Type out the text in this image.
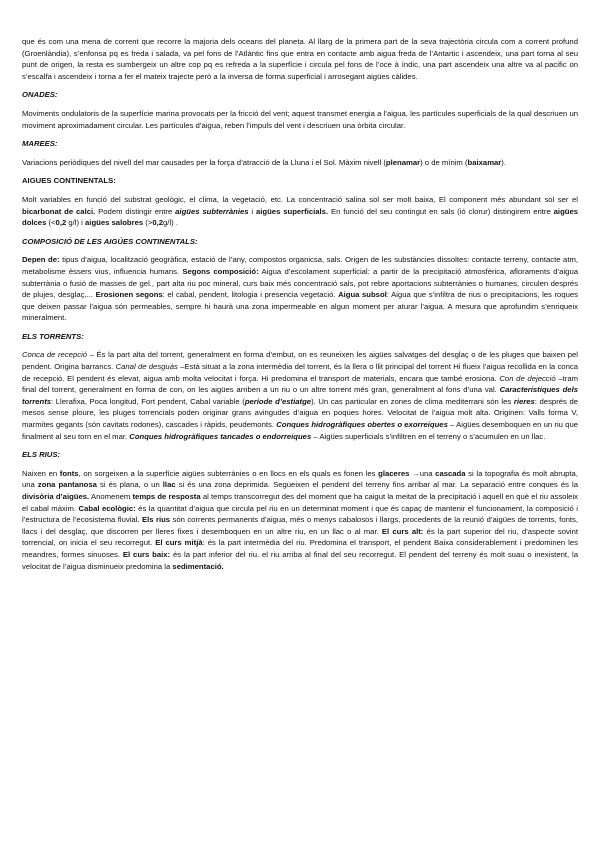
que és com una mena de corrent que recorre la majoria dels oceans del planeta. Al llarg de la primera part de la seva trajectòria circula com a corrent profund (Groenlàndia), s’enfonsa pq es freda i salada, va pel fons de l’Atlàntic fins que entra en contacte amb aigua freda de l’Antartic i ascendeix, una part torna al seu punt de origen, la resta es sumbergeix un altre cop pq es refreda a la superfície i circula pel fons de l’oce à índic, una part ascendeix una altre va al pacific on s’escalfa i ascendeix i torna a fer el mateix trajecte però a la inversa de forma superficial i arrosegant aigües càlides.

ONADES:

Moviments ondulatoris de la superfície marina provocats per la fricció del vent; aquest transmet energia a l’aigua, les partícules superficials de la qual descriuen un moviment aproximadament circular. Les partícules d’aigua, reben l’impuls del vent i descriuen una òrbita circular.

MAREES:

Variacions periòdiques del nivell del mar causades per la força d’atracció de la Lluna i el Sol. Màxim nivell (plenamar) o de mínim (baixamar).

AIGUES CONTINENTALS:

Molt variables en funció del substrat geològic, el clima, la vegetació, etc. La concentració salina sol ser molt baixa, El component més abundant sol ser el bicarbonat de calci. Podem distingir entre aigües subterrànies i aigües superficials. En funció del seu contingut en sals (ió clorur) distingirem entre aigües dolces (<0,2 g/l) i aigües salobres (>0,2g/l) .

COMPOSICIÓ DE LES AIGÜES CONTINENTALS:

Depen de: tipus d’aigua, localització geogràfica, estació de l’any, compostos organicsa, sals. Origen de les substàncies dissoltes: contacte terreny, contacte atm, metabolisme èssers vius, influencia humans. Segons composició: Aigua d’escolament superficial: a partir de la precipitació atmosfèrica, afloraments d’aigua subterrània o fusió de masses de gel., part alta riu poc mineral, curs baix més concentració sals, pot rebre aportacions subterrànies o humanes, circulen després de plujes, desglaç,... Erosionen segons: el cabal, pendent, litologia i presencia vegetació. Aigua subsol: Aigua que s’infiltra de rius o precipitacions, les roques que deixen passar l’aigua són permeables, sempre hi haurà una zona impermeable en algun moment per aturar l’aigua. A mesura que aprofundim s’enriqueix mineralment.

ELS TORRENTS:

Conca de recepció – És la part alta del torrent, generalment en forma d’embut, on es reuneixen les aigües salvatges del desglaç o de les pluges que baixen pel pendent. Origina barrancs. Canal de desguàs –Està situat a la zona intermèdia del torrent, és la llera o llit principal del torrent Hi flueix l’aigua recollida en la conca de recepció. El pendent és elevat, aigua amb molta velocitat i força. Hi predomina el transport de materials, encara que també erosiona. Con de dejecció –tram final del torrent, generalment en forma de con, on les aigües arriben a un riu o un altre torrent més gran, generalment al fons d’una val. Característiques dels torrents: Llerafixa, Poca longitud, Fort pendent, Cabal variable (període d’estiatge). Un cas particular en zones de clima mediterrani són les rieres: després de mesos sense ploure, les pluges torrencials poden originar grans avingudes d’aigua en poques hores. Velocitat de l’aigua molt alta. Originen: Valls forma V, marmites gegants (són cavitats rodones), cascades i ràpids, peudemonts. Conques hidrogràfiques obertes o exorreiques – Aigües desemboquen en un riu que finalment al seu torn en el mar. Conques hidrogràfiques tancades o endorreiques – Aigües superficials s’infiltren en el terreny o s’acumulen en un llac.

ELS RIUS:

Naixen en fonts, on sorgeixen a la superfície aigües subterrànies o en llocs en els quals es fonen les glaceres →una cascada si la topografia és molt abrupta, una zona pantanosa si és plana, o un llac si és una zona deprimida. Segueixen el pendent del terreny fins arribar al mar. La separació entre conques és la divisòria d’aigües. Anomenem temps de resposta al temps transcorregut des del moment que ha caigut la meitat de la precipitació i aquell en què el riu assoleix el cabal màxim. Cabal ecològic: és la quantitat d’aigua que circula pel riu en un determinat moment i que és capaç de mantenir el funcionament, la composició i l’estructura de l’ecosistema fluvial. Els rius són corrents permanents d’aigua, més o menys cabalosos i llargs, procedents de la reunió d’aigües de torrents, fonts, llacs i del desglaç, que discorren per lleres fixes i desemboquen en un altre riu, en un llac o al mar. El curs alt: és la part superior del riu, d’aspecte sovint torrencial, on inicia el seu recorregut. El curs mitjà: és la part intermèdia del riu. Predomina el transport, el pendent Baixa considerablement i predominen les meandres, formes sinuoses. El curs baix: és la part inferior del riu. el riu arriba al final del seu recorregut. El pendent del terreny és molt suau o inexistent, la velocitat de l’aigua disminueix predomina la sedimentació.
